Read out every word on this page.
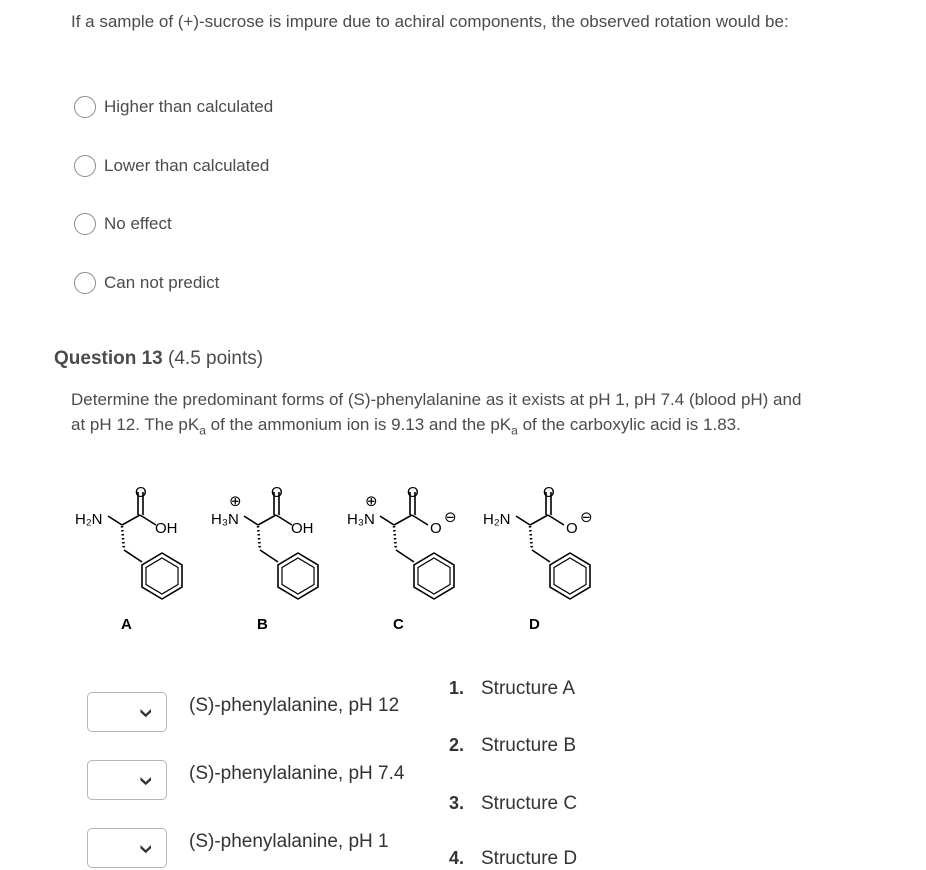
If a sample of (+)-sucrose is impure due to achiral components, the observed rotation would be:
Higher than calculated
Lower than calculated
No effect
Can not predict
Question 13 (4.5 points)
Determine the predominant forms of (S)-phenylalanine as it exists at pH 1, pH 7.4 (blood pH) and at pH 12. The $pK_a$ of the ammonium ion is 9.13 and the $pK_a$ of the carboxylic acid is 1.83.
H₂N
O
OH
A
H₃N
⊕
O
OH
B
H₃N
⊕
O
O
⊖
C
H₂N
O
O
⊖
D
❯ (S)-phenylalanine, pH 12
❯ (S)-phenylalanine, pH 7.4
❯ (S)-phenylalanine, pH 1
1. Structure A
2. Structure B
3. Structure C
4. Structure D
